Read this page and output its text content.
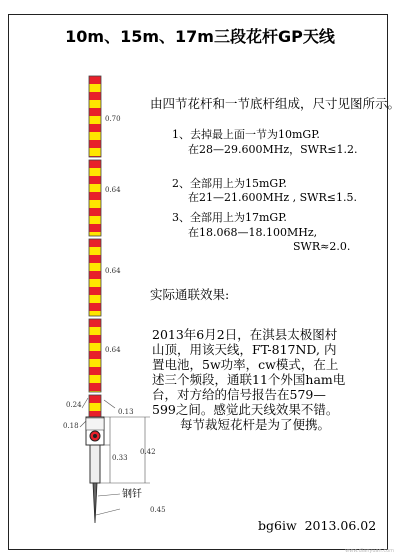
10m、15m、17m三段花杆GP天线
0.70
0.64
0.64
0.64
0.24
0.13
0.18
0.33
0.42
0.45
钢钎
由四节花杆和一节底杆组成，尺寸见图所示。
1、去掉最上面一节为10mGP.
在28—29.600MHz，SWR≤1.2.
2、全部用上为15mGP.
在21—21.600MHz , SWR≤1.5.
3、全部用上为17mGP.
在18.068—18.100MHz,
SWR≈2.0.
实际通联效果:
2013年6月2日，在淇县太极图村
山顶，用该天线，FT-817ND, 内
置电池，5w功率，cw模式，在上
述三个频段，通联11个外国ham电
台，对方给的信号报告在579—
599之间。感觉此天线效果不错。
每节裁短花杆是为了便携。
bg6iw  2013.06.02
www.dianyuan.com
